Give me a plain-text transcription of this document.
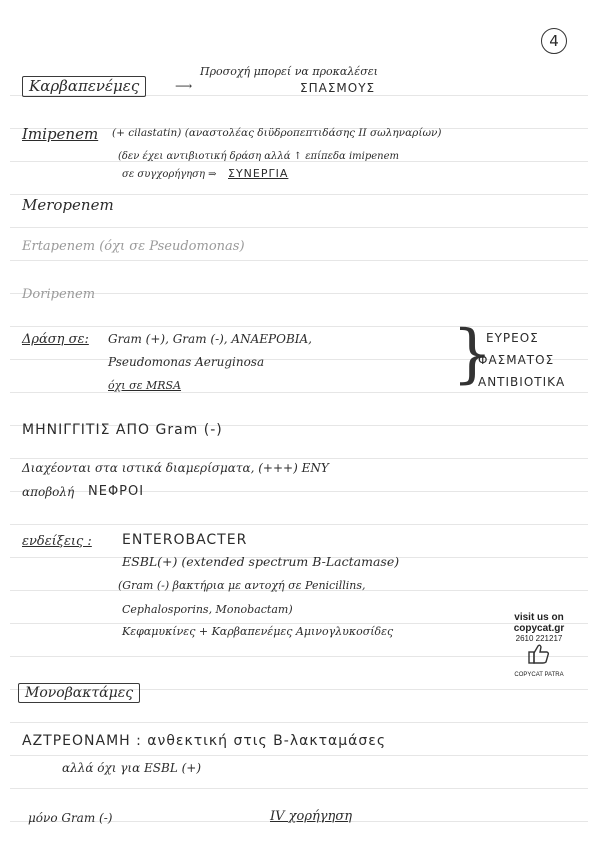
4
Καρβαπενέμες	⟶
Προσοχή μπορεί να προκαλέσει
ΣΠΑΣΜΟΥΣ
Imipenem (+ cilastatin) (αναστολέας διϋδροπεπτιδάσης II σωληναρίων)
(δεν έχει αντιβιοτική δράση αλλά ↑ επίπεδα imipenem
σε συγχορήγηση ⇒ ΣΥΝΕΡΓΙΑ
Meropenem
Ertapenem (όχι σε Pseudomonas)
Doripenem
Δράση σε: Gram (+), Gram (-), ΑΝΑΕΡΟΒΙΑ,
Pseudomonas Aeruginosa
όχι σε MRSA	}
ΕΥΡΕΟΣ
ΦΑΣΜΑΤΟΣ
ΑΝΤΙΒΙΟΤΙΚΑ
ΜΗΝΙΓΓΙΤΙΣ ΑΠΟ Gram (-)
Διαχέονται στα ιστικά διαμερίσματα, (+++) ΕΝΥ
αποβολή ΝΕΦΡΟΙ
ενδείξεις : ENTEROBACTER
ESBL(+) (extended spectrum B-Lactamase)
(Gram (-) βακτήρια με αντοχή σε Penicillins,
Cephalosporins, Monobactam)
Κεφαμυκίνες + Καρβαπενέμες Αμινογλυκοσίδες
visit us on
copycat.gr
2610 221217
COPYCAT PATRA
Μονοβακτάμες
ΑΖΤΡΕΟΝΑΜΗ : ανθεκτική στις B-λακταμάσες
αλλά όχι για ESBL (+)
μόνο Gram (-)	IV χορήγηση
